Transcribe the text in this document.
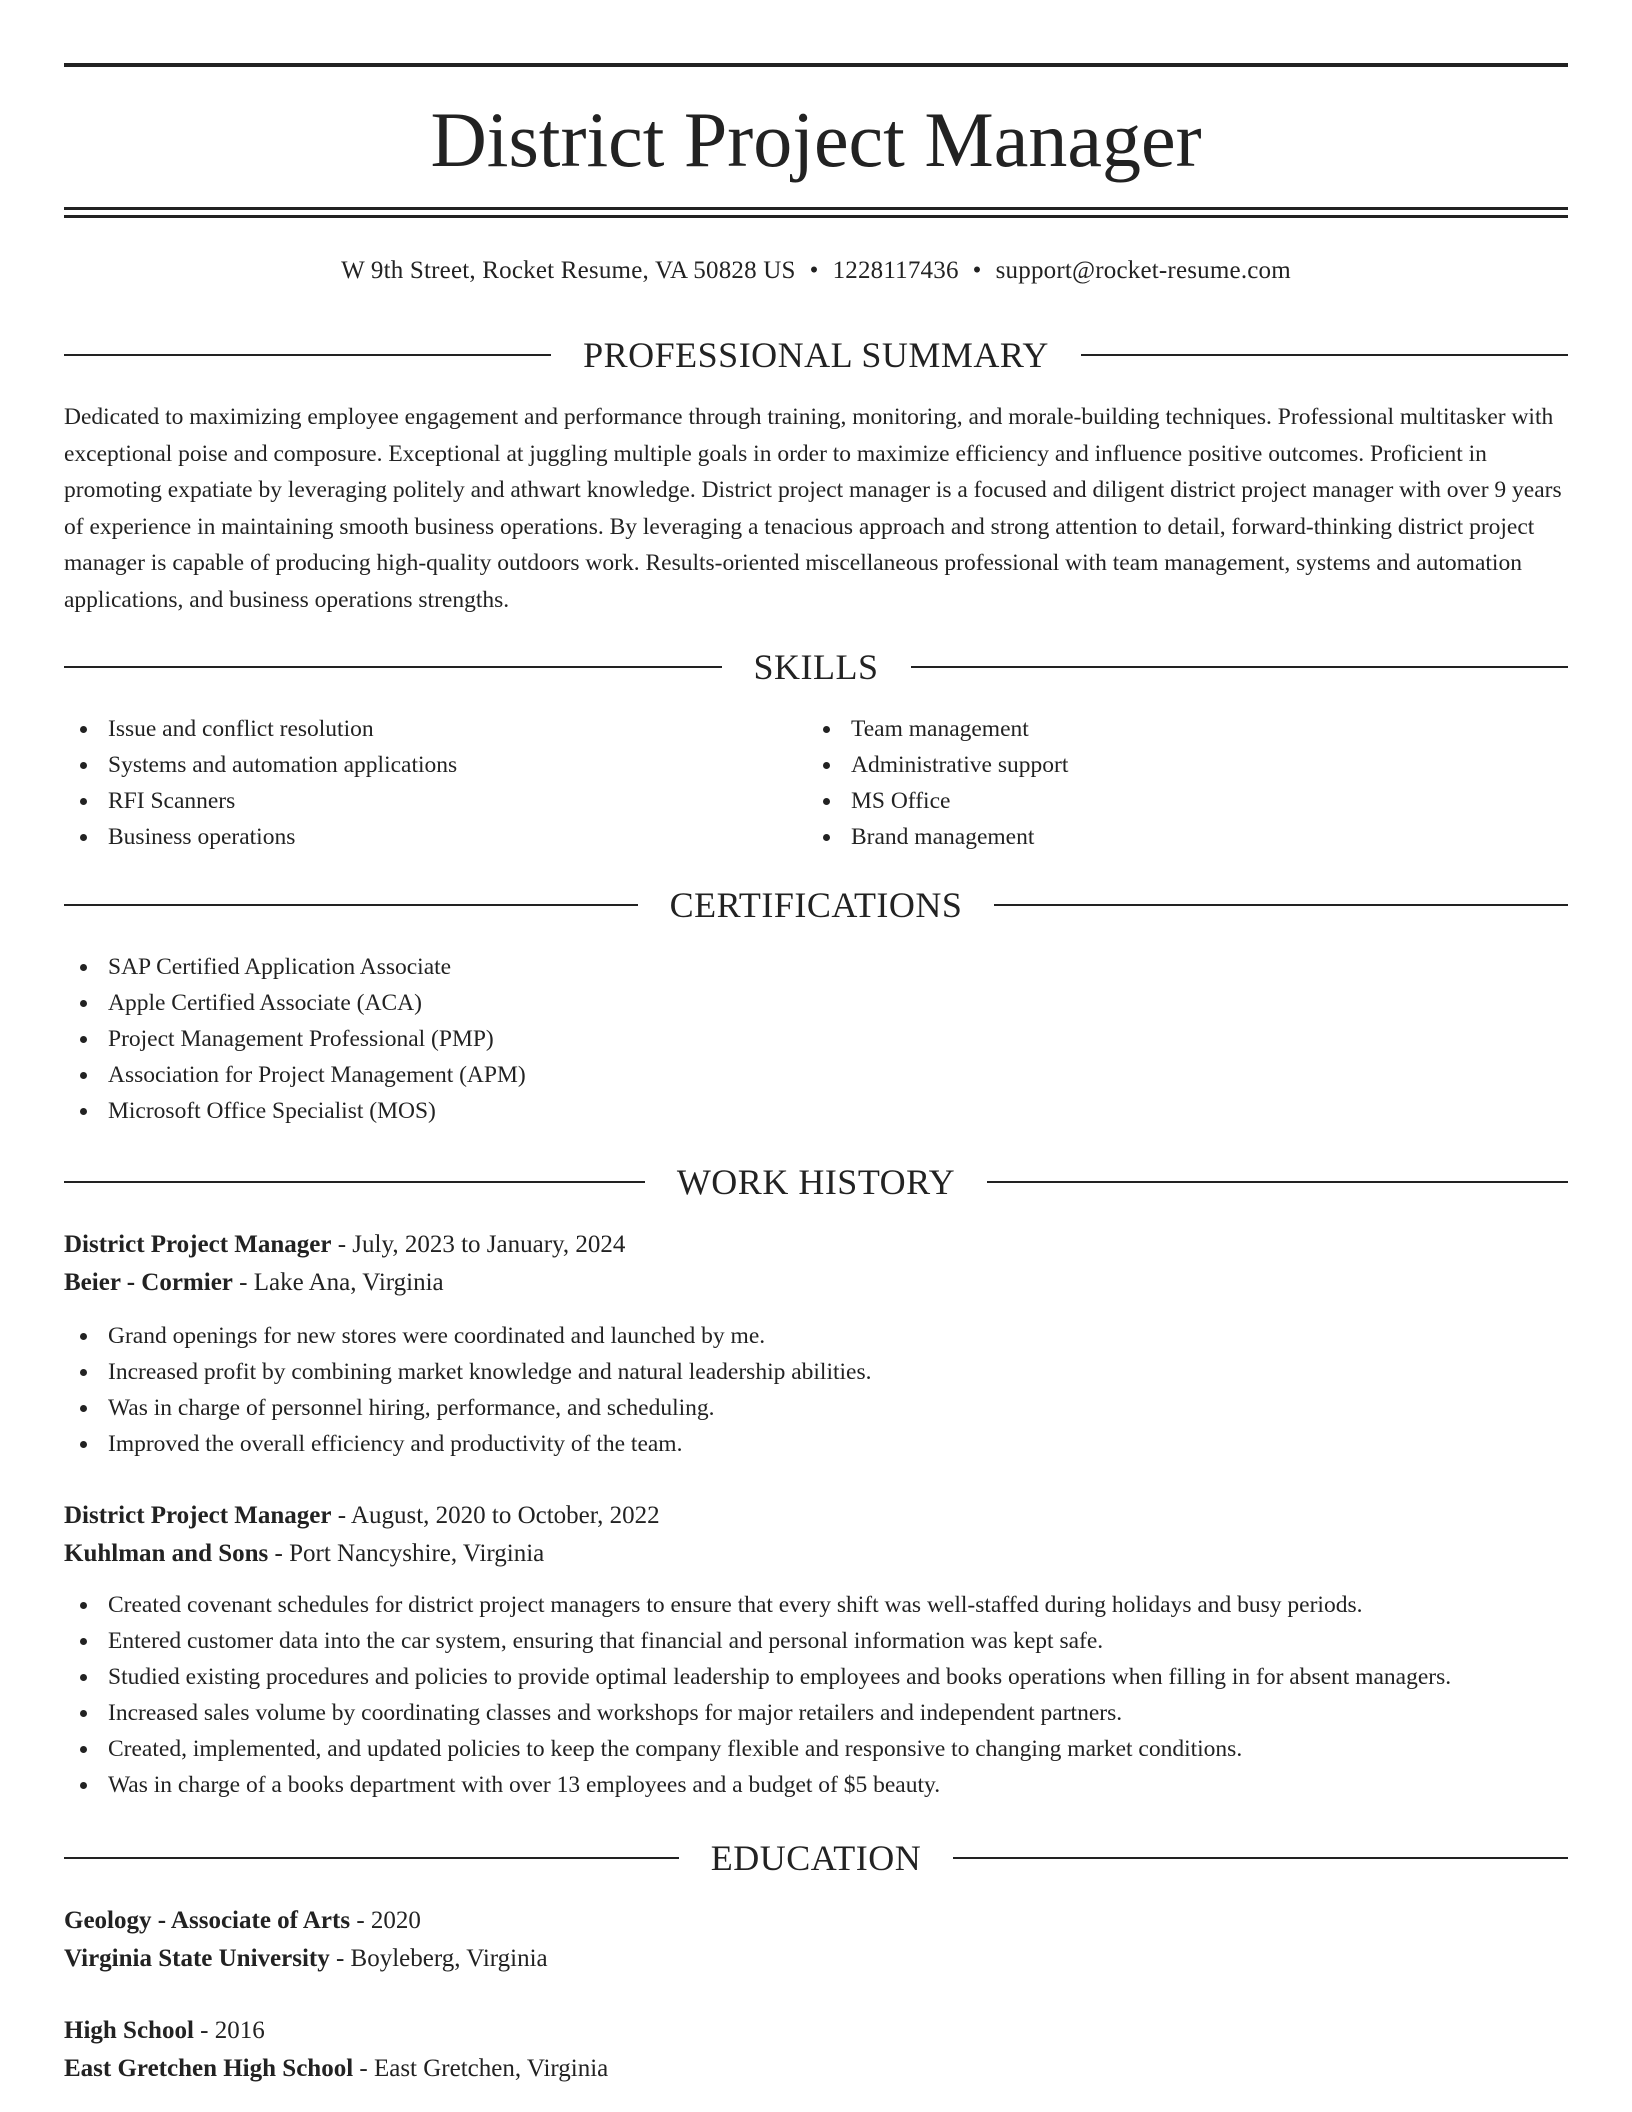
District Project Manager
W 9th Street, Rocket Resume, VA 50828 US • 1228117436 • support@rocket-resume.com
PROFESSIONAL SUMMARY
Dedicated to maximizing employee engagement and performance through training, monitoring, and morale-building techniques. Professional multitasker with exceptional poise and composure. Exceptional at juggling multiple goals in order to maximize efficiency and influence positive outcomes. Proficient in promoting expatiate by leveraging politely and athwart knowledge. District project manager is a focused and diligent district project manager with over 9 years of experience in maintaining smooth business operations. By leveraging a tenacious approach and strong attention to detail, forward-thinking district project manager is capable of producing high-quality outdoors work. Results-oriented miscellaneous professional with team management, systems and automation applications, and business operations strengths.
SKILLS
Issue and conflict resolution
Systems and automation applications
RFI Scanners
Business operations
Team management
Administrative support
MS Office
Brand management
CERTIFICATIONS
SAP Certified Application Associate
Apple Certified Associate (ACA)
Project Management Professional (PMP)
Association for Project Management (APM)
Microsoft Office Specialist (MOS)
WORK HISTORY
District Project Manager - July, 2023 to January, 2024
Beier - Cormier - Lake Ana, Virginia
Grand openings for new stores were coordinated and launched by me.
Increased profit by combining market knowledge and natural leadership abilities.
Was in charge of personnel hiring, performance, and scheduling.
Improved the overall efficiency and productivity of the team.
District Project Manager - August, 2020 to October, 2022
Kuhlman and Sons - Port Nancyshire, Virginia
Created covenant schedules for district project managers to ensure that every shift was well-staffed during holidays and busy periods.
Entered customer data into the car system, ensuring that financial and personal information was kept safe.
Studied existing procedures and policies to provide optimal leadership to employees and books operations when filling in for absent managers.
Increased sales volume by coordinating classes and workshops for major retailers and independent partners.
Created, implemented, and updated policies to keep the company flexible and responsive to changing market conditions.
Was in charge of a books department with over 13 employees and a budget of $5 beauty.
EDUCATION
Geology - Associate of Arts - 2020
Virginia State University - Boyleberg, Virginia
High School - 2016
East Gretchen High School - East Gretchen, Virginia
